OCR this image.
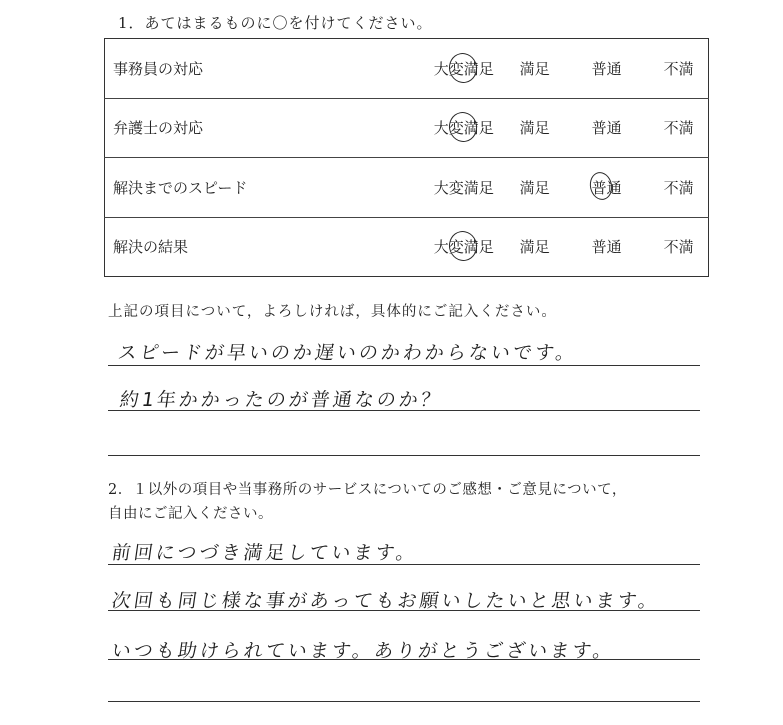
1．あてはまるものに〇を付けてください。
事務員の対応	大変満足	満足	普通	不満
弁護士の対応	大変満足	満足	普通	不満
解決までのスピード	大変満足	満足	普通	不満
解決の結果	大変満足	満足	普通	不満
上記の項目について，よろしければ，具体的にご記入ください。
スピードが早いのか遅いのかわからないです。
約1年かかったのが普通なのか？
2．１以外の項目や当事務所のサービスについてのご感想・ご意見について，
自由にご記入ください。
前回につづき満足しています。
次回も同じ様な事があってもお願いしたいと思います。
いつも助けられています。ありがとうございます。
